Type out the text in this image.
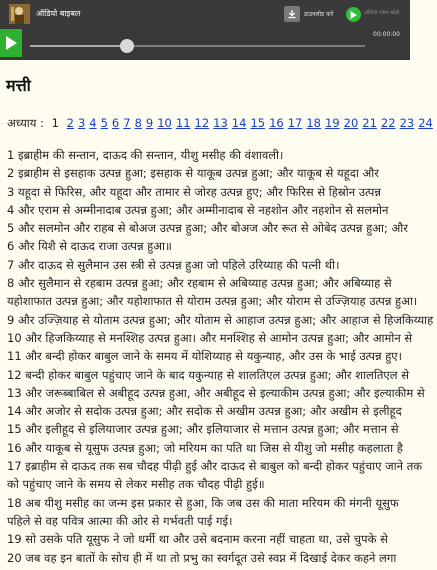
ऑडियो बाइबल	डाउनलोड करें	ऑडियो प्लेयर खोलें
00:00:00
मत्ती
अध्याय : 1 2 3 4 5 6 7 8 9 10 11 12 13 14 15 16 17 18 19 20 21 22 23 24
1 इब्राहीम की सन्तान, दाऊद की सन्तान, यीशु मसीह की वंशावली।
2 इब्राहीम से इसहाक उत्पन्न हुआ; इसहाक से याकूब उत्पन्न हुआ; और याकूब से यहूदा और
3 यहूदा से फिरिस, और यहूदा और तामार से जोरह उत्पन्न हुए; और फिरिस से हिस्रोन उत्पन्न
4 और एराम से अम्मीनादाब उत्पन्न हुआ; और अम्मीनादाब से नहशोन और नहशोन से सलमोन
5 और सलमोन और राहब से बोअज उत्पन्न हुआ; और बोअज और रूत से ओबेद उत्पन्न हुआ; और
6 और यिशै से दाऊद राजा उत्पन्न हुआ॥
7 और दाऊद से सुलैमान उस स्त्री से उत्पन्न हुआ जो पहिले उरिय्याह की पत्नी थी।
8 और सुलैमान से रहबाम उत्पन्न हुआ; और रहबाम से अबिय्याह उत्पन्न हुआ; और अबिय्याह से
यहोशाफात उत्पन्न हुआ; और यहोशाफात से योराम उत्पन्न हुआ; और योराम से उज्ज़ियाह उत्पन्न हुआ।
9 और उज्ज़ियाह से योताम उत्पन्न हुआ; और योताम से आहाज उत्पन्न हुआ; और आहाज से हिजकिय्याह
10 और हिजकिय्याह से मनश्शिह उत्पन्न हुआ। और मनश्शिह से आमोन उत्पन्न हुआ; और आमोन से
11 और बन्दी होकर बाबुल जाने के समय में योशिय्याह से यकुन्याह, और उस के भाई उत्पन्न हुए।
12 बन्दी होकर बाबुल पहुंचाए जाने के बाद यकुन्याह से शालतिएल उत्पन्न हुआ; और शालतिएल से
13 और जरूब्बाबिल से अबीहूद उत्पन्न हुआ, और अबीहूद से इल्याकीम उत्पन्न हुआ; और इल्याकीम से
14 और अजोर से सदोक उत्पन्न हुआ; और सदोक से अखीम उत्पन्न हुआ; और अखीम से इलीहूद
15 और इलीहूद से इलियाजार उत्पन्न हुआ; और इलियाजार से मत्तान उत्पन्न हुआ; और मत्तान से
16 और याकूब से यूसुफ उत्पन्न हुआ; जो मरियम का पति था जिस से यीशु जो मसीह कहलाता है
17 इब्राहीम से दाऊद तक सब चौदह पीढ़ी हुई और दाऊद से बाबुल को बन्दी होकर पहुंचाए जाने तक
को पहुंचाए जाने के समय से लेकर मसीह तक चौदह पीढ़ी हुई॥
18 अब यीशु मसीह का जन्म इस प्रकार से हुआ, कि जब उस की माता मरियम की मंगनी यूसुफ
पहिले से वह पवित्र आत्मा की ओर से गर्भवती पाई गई।
19 सो उसके पति यूसुफ ने जो धर्मी था और उसे बदनाम करना नहीं चाहता था, उसे चुपके से
20 जब वह इन बातों के सोच ही में था तो प्रभु का स्वर्गदूत उसे स्वप्न में दिखाई देकर कहने लगा
